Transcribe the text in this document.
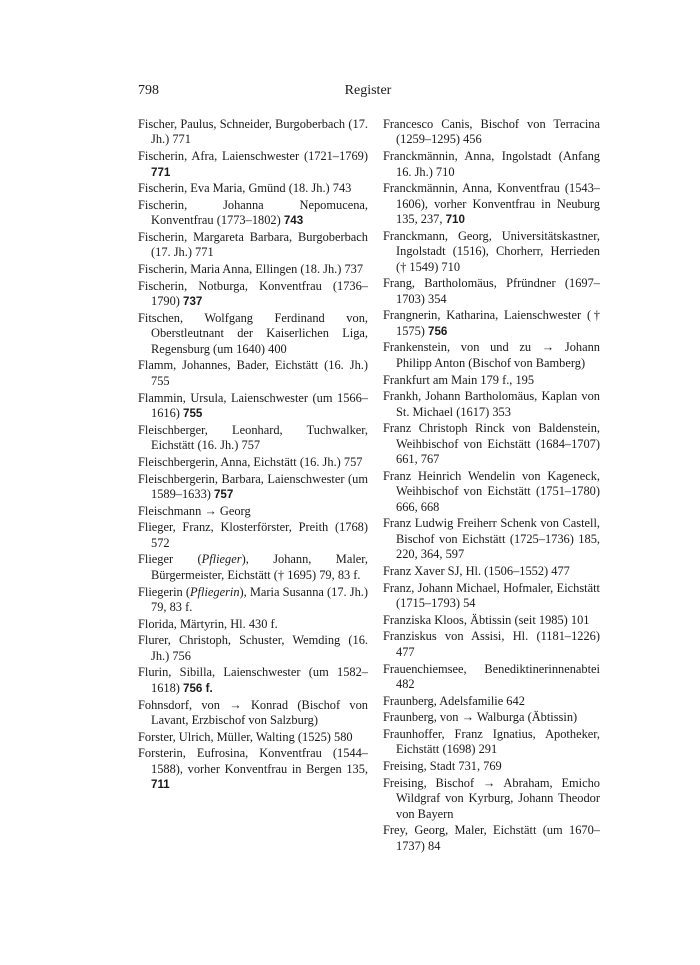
798	Register
Fischer, Paulus, Schneider, Burgoberbach (17. Jh.) 771
Fischerin, Afra, Laienschwester (1721–1769) 771
Fischerin, Eva Maria, Gmünd (18. Jh.) 743
Fischerin, Johanna Nepomucena, Konventfrau (1773–1802) 743
Fischerin, Margareta Barbara, Burgoberbach (17. Jh.) 771
Fischerin, Maria Anna, Ellingen (18. Jh.) 737
Fischerin, Notburga, Konventfrau (1736–1790) 737
Fitschen, Wolfgang Ferdinand von, Oberstleutnant der Kaiserlichen Liga, Regensburg (um 1640) 400
Flamm, Johannes, Bader, Eichstätt (16. Jh.) 755
Flammin, Ursula, Laienschwester (um 1566–1616) 755
Fleischberger, Leonhard, Tuchwalker, Eichstätt (16. Jh.) 757
Fleischbergerin, Anna, Eichstätt (16. Jh.) 757
Fleischbergerin, Barbara, Laienschwester (um 1589–1633) 757
Fleischmann → Georg
Flieger, Franz, Klosterförster, Preith (1768) 572
Flieger (Pflieger), Johann, Maler, Bürgermeister, Eichstätt († 1695) 79, 83 f.
Fliegerin (Pfliegerin), Maria Susanna (17. Jh.) 79, 83 f.
Florida, Märtyrin, Hl. 430 f.
Flurer, Christoph, Schuster, Wemding (16. Jh.) 756
Flurin, Sibilla, Laienschwester (um 1582–1618) 756 f.
Fohnsdorf, von → Konrad (Bischof von Lavant, Erzbischof von Salzburg)
Forster, Ulrich, Müller, Walting (1525) 580
Forsterin, Eufrosina, Konventfrau (1544–1588), vorher Konventfrau in Bergen 135, 711
Francesco Canis, Bischof von Terracina (1259–1295) 456
Franckmännin, Anna, Ingolstadt (Anfang 16. Jh.) 710
Franckmännin, Anna, Konventfrau (1543–1606), vorher Konventfrau in Neuburg 135, 237, 710
Franckmann, Georg, Universitätskastner, Ingolstadt (1516), Chorherr, Herrieden († 1549) 710
Frang, Bartholomäus, Pfründner (1697–1703) 354
Frangnerin, Katharina, Laienschwester († 1575) 756
Frankenstein, von und zu → Johann Philipp Anton (Bischof von Bamberg)
Frankfurt am Main 179 f., 195
Frankh, Johann Bartholomäus, Kaplan von St. Michael (1617) 353
Franz Christoph Rinck von Baldenstein, Weihbischof von Eichstätt (1684–1707) 661, 767
Franz Heinrich Wendelin von Kageneck, Weihbischof von Eichstätt (1751–1780) 666, 668
Franz Ludwig Freiherr Schenk von Castell, Bischof von Eichstätt (1725–1736) 185, 220, 364, 597
Franz Xaver SJ, Hl. (1506–1552) 477
Franz, Johann Michael, Hofmaler, Eichstätt (1715–1793) 54
Franziska Kloos, Äbtissin (seit 1985) 101
Franziskus von Assisi, Hl. (1181–1226) 477
Frauenchiemsee, Benediktinerinnenabtei 482
Fraunberg, Adelsfamilie 642
Fraunberg, von → Walburga (Äbtissin)
Fraunhoffer, Franz Ignatius, Apotheker, Eichstätt (1698) 291
Freising, Stadt 731, 769
Freising, Bischof → Abraham, Emicho Wildgraf von Kyrburg, Johann Theodor von Bayern
Frey, Georg, Maler, Eichstätt (um 1670–1737) 84
